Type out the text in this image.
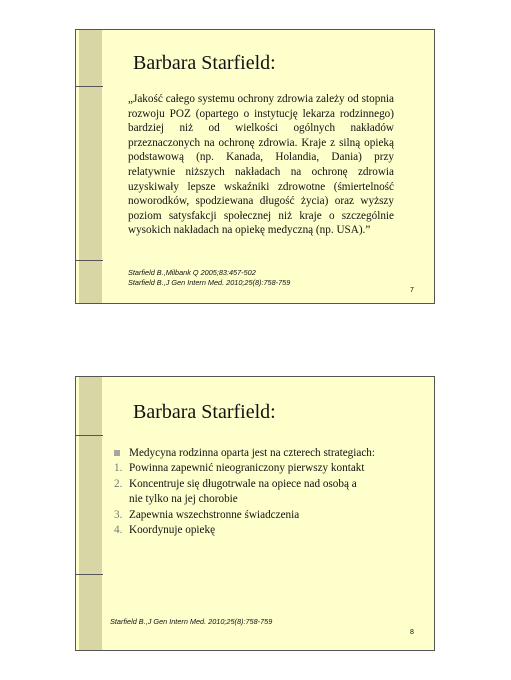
Barbara Starfield:

„Jakość całego systemu ochrony zdrowia zależy od stopnia rozwoju POZ (opartego o instytucję lekarza rodzinnego) bardziej niż od wielkości ogólnych nakładów przeznaczonych na ochronę zdrowia. Kraje z silną opieką podstawową (np. Kanada, Holandia, Dania) przy relatywnie niższych nakładach na ochronę zdrowia uzyskiwały lepsze wskaźniki zdrowotne (śmiertelność noworodków, spodziewana długość życia) oraz wyższy poziom satysfakcji społecznej niż kraje o szczególnie wysokich nakładach na opiekę medyczną (np. USA).”

Starfield B.,Milbank Q 2005;83:457-502
Starfield B.,J Gen Intern Med. 2010;25(8):758-759
7
Barbara Starfield:
Medycyna rodzinna oparta jest na czterech strategiach:
1. Powinna zapewnić nieograniczony pierwszy kontakt
2. Koncentruje się długotrwale na opiece nad osobą a
nie tylko na jej chorobie
3. Zapewnia wszechstronne świadczenia
4. Koordynuje opiekę
Starfield B.,J Gen Intern Med. 2010;25(8):758-759
8
